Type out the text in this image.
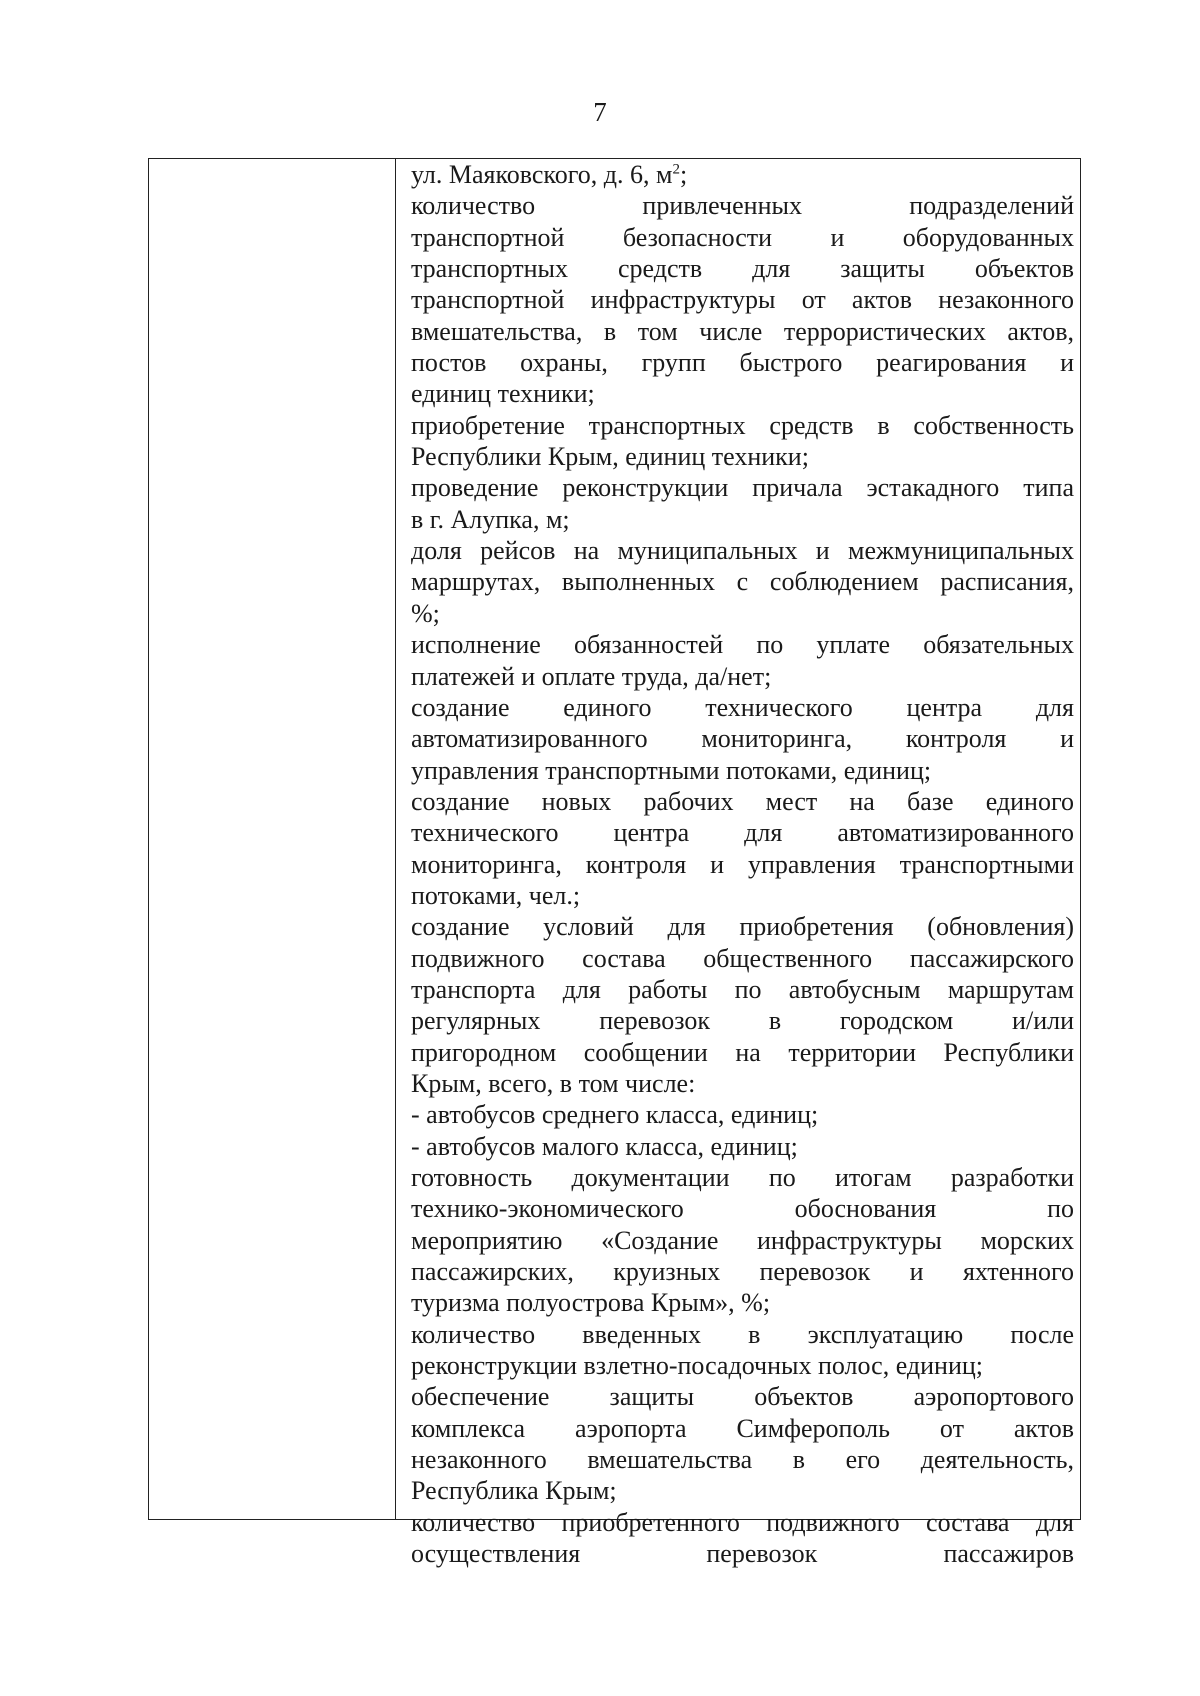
7
ул. Маяковского, д. 6, $м^2$;
количество привлеченных подразделений
транспортной безопасности и оборудованных
транспортных средств для защиты объектов
транспортной инфраструктуры от актов незаконного
вмешательства, в том числе террористических актов,
постов охраны, групп быстрого реагирования и
единиц техники;
приобретение транспортных средств в собственность
Республики Крым, единиц техники;
проведение реконструкции причала эстакадного типа
в г. Алупка, м;
доля рейсов на муниципальных и межмуниципальных
маршрутах, выполненных с соблюдением расписания,
%;
исполнение обязанностей по уплате обязательных
платежей и оплате труда, да/нет;
создание единого технического центра для
автоматизированного мониторинга, контроля и
управления транспортными потоками, единиц;
создание новых рабочих мест на базе единого
технического центра для автоматизированного
мониторинга, контроля и управления транспортными
потоками, чел.;
создание условий для приобретения (обновления)
подвижного состава общественного пассажирского
транспорта для работы по автобусным маршрутам
регулярных перевозок в городском и/или
пригородном сообщении на территории Республики
Крым, всего, в том числе:
- автобусов среднего класса, единиц;
- автобусов малого класса, единиц;
готовность документации по итогам разработки
технико-экономического обоснования по
мероприятию «Создание инфраструктуры морских
пассажирских, круизных перевозок и яхтенного
туризма полуострова Крым», %;
количество введенных в эксплуатацию после
реконструкции взлетно-посадочных полос, единиц;
обеспечение защиты объектов аэропортового
комплекса аэропорта Симферополь от актов
незаконного вмешательства в его деятельность,
Республика Крым;
количество приобретенного подвижного состава для
осуществления перевозок пассажиров
